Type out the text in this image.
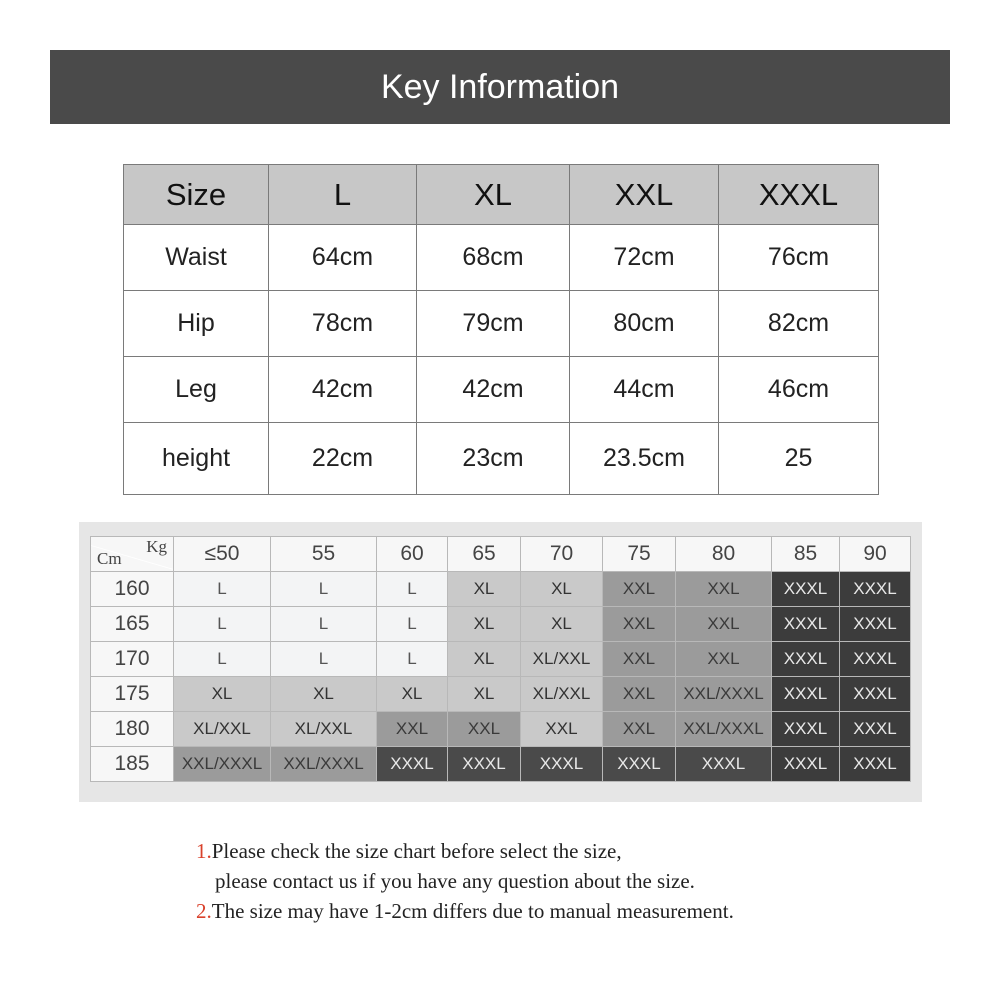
Key Information
Size	L	XL	XXL	XXXL
Waist	64cm	68cm	72cm	76cm
Hip	78cm	79cm	80cm	82cm
Leg	42cm	42cm	44cm	46cm
height	22cm	23cm	23.5cm	25
Kg
Cm	≤50	55	60	65	70	75	80	85	90
160	L	L	L	XL	XL	XXL	XXL	XXXL	XXXL
165	L	L	L	XL	XL	XXL	XXL	XXXL	XXXL
170	L	L	L	XL	XL/XXL	XXL	XXL	XXXL	XXXL
175	XL	XL	XL	XL	XL/XXL	XXL	XXL/XXXL	XXXL	XXXL
180	XL/XXL	XL/XXL	XXL	XXL	XXL	XXL	XXL/XXXL	XXXL	XXXL
185	XXL/XXXL	XXL/XXXL	XXXL	XXXL	XXXL	XXXL	XXXL	XXXL	XXXL
1.Please check the size chart before select the size,
please contact us if you have any question about the size.
2.The size may have 1-2cm differs due to manual measurement.
